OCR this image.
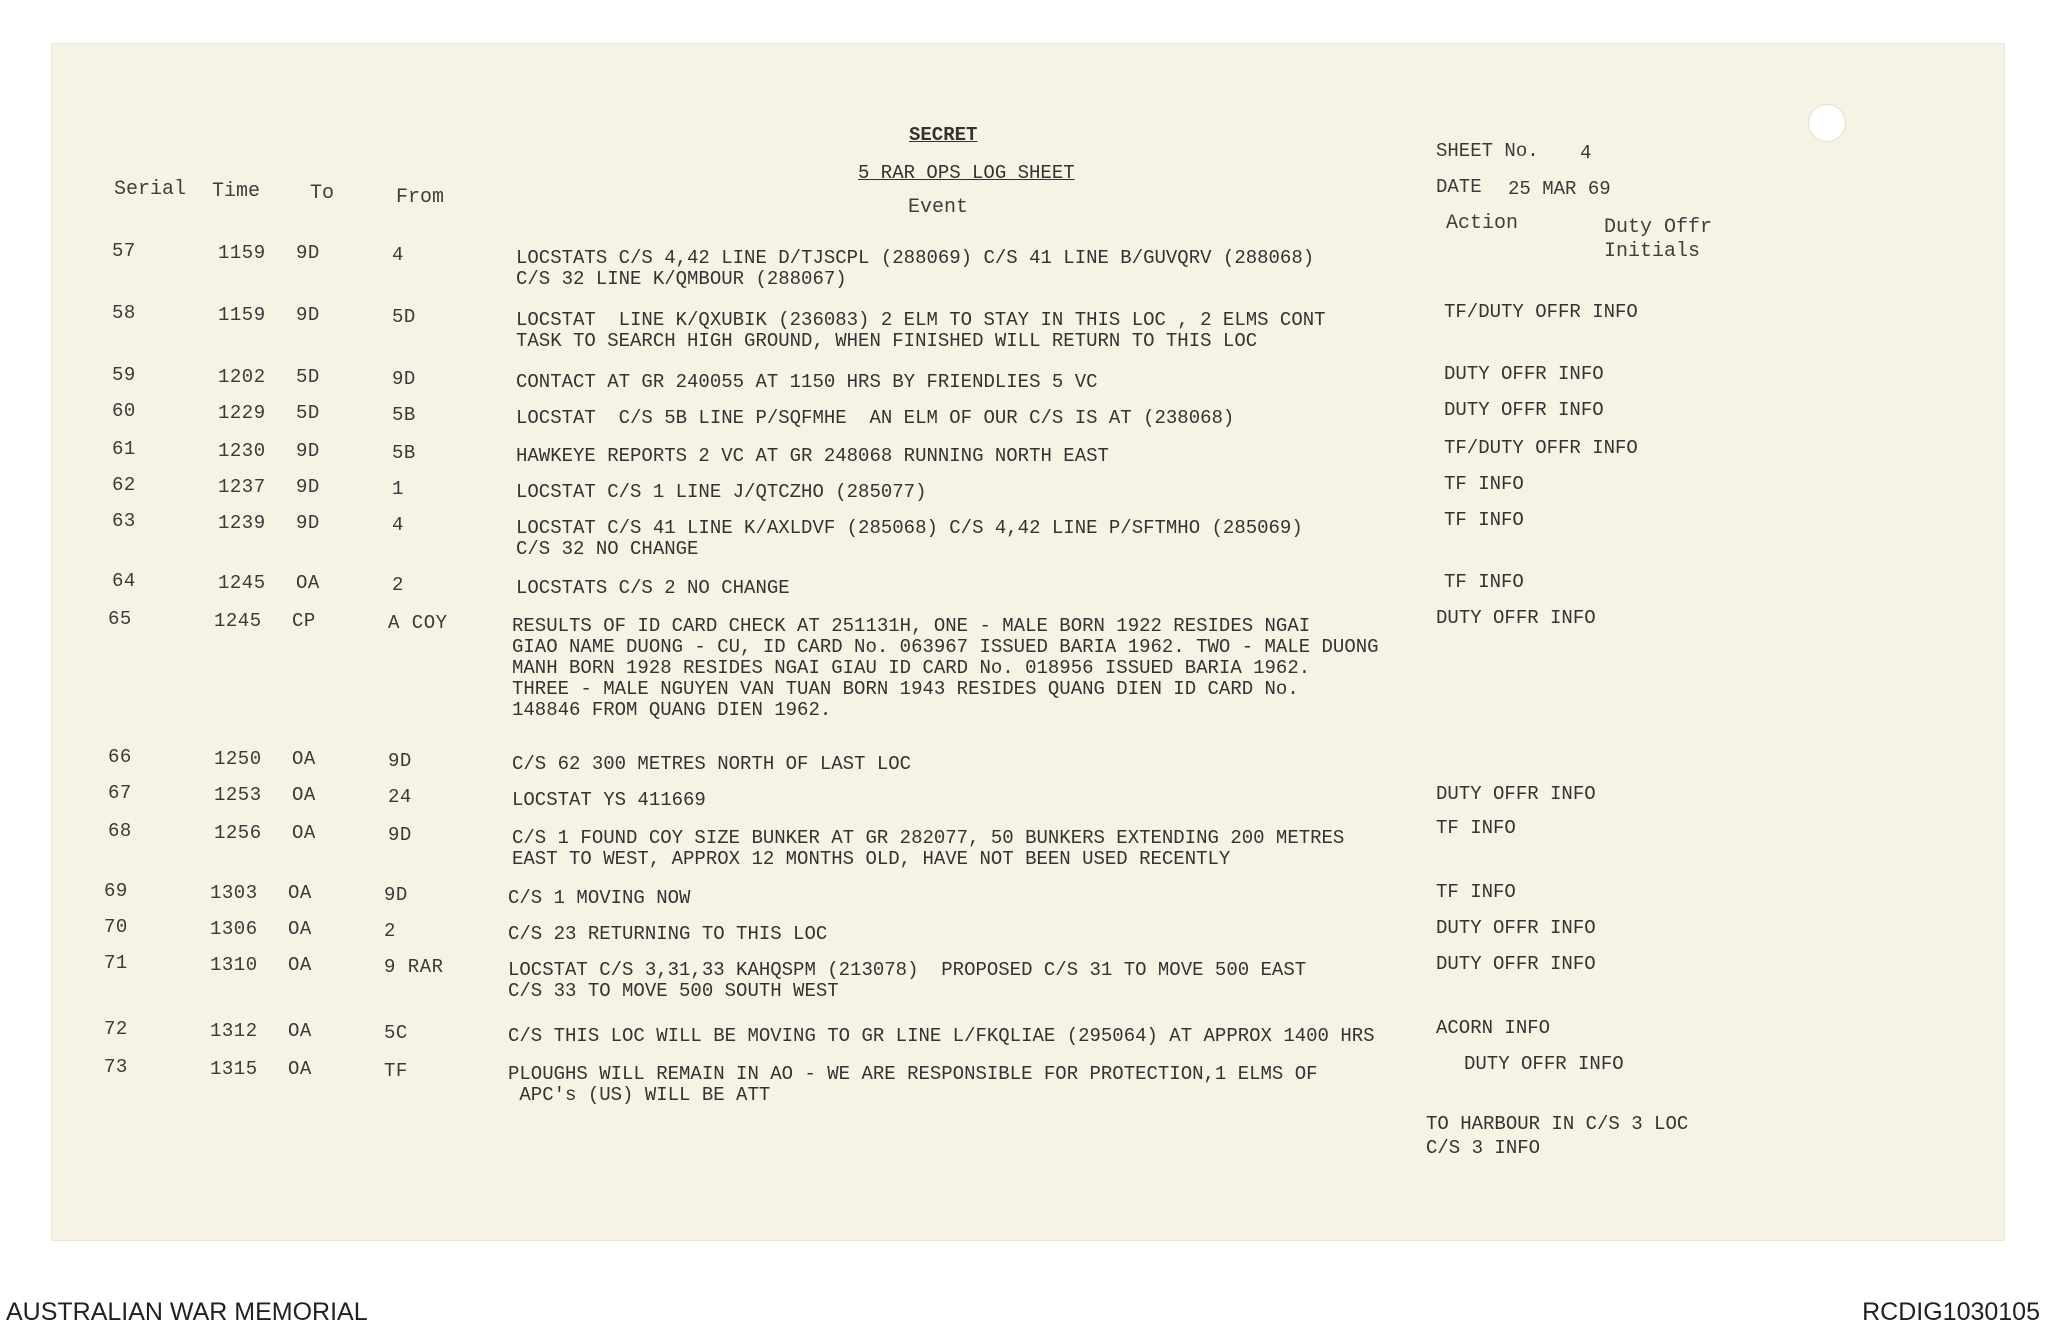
SECRET
5 RAR OPS LOG SHEET
SHEET No. 4
DATE 25 MAR 69
Serial Time To	From	Event
Action	Duty Offr
Initials
57	1159 9D	4	LOCSTATS C/S 4,42 LINE D/TJSCPL (288069) C/S 41 LINE B/GUVQRV (288068)
C/S 32 LINE K/QMBOUR (288067)
58	1159 9D	5D	LOCSTAT  LINE K/QXUBIK (236083) 2 ELM TO STAY IN THIS LOC , 2 ELMS CONT
TASK TO SEARCH HIGH GROUND, WHEN FINISHED WILL RETURN TO THIS LOC
TF/DUTY OFFR INFO
59	1202 5D	9D	CONTACT AT GR 240055 AT 1150 HRS BY FRIENDLIES 5 VC	DUTY OFFR INFO
60	1229 5D	5B	LOCSTAT  C/S 5B LINE P/SQFMHE  AN ELM OF OUR C/S IS AT (238068)	DUTY OFFR INFO
61	1230 9D	5B	HAWKEYE REPORTS 2 VC AT GR 248068 RUNNING NORTH EAST	TF/DUTY OFFR INFO
62	1237 9D	1	LOCSTAT C/S 1 LINE J/QTCZHO (285077)	TF INFO
63	1239 9D	4	LOCSTAT C/S 41 LINE K/AXLDVF (285068) C/S 4,42 LINE P/SFTMHO (285069)
C/S 32 NO CHANGE
TF INFO
64	1245 OA	2	LOCSTATS C/S 2 NO CHANGE	TF INFO
65	1245 CP	A COY	RESULTS OF ID CARD CHECK AT 251131H, ONE - MALE BORN 1922 RESIDES NGAI
GIAO NAME DUONG - CU, ID CARD No. 063967 ISSUED BARIA 1962. TWO - MALE DUONG
MANH BORN 1928 RESIDES NGAI GIAU ID CARD No. 018956 ISSUED BARIA 1962.
THREE - MALE NGUYEN VAN TUAN BORN 1943 RESIDES QUANG DIEN ID CARD No.
148846 FROM QUANG DIEN 1962.
DUTY OFFR INFO
66	1250 OA	9D	C/S 62 300 METRES NORTH OF LAST LOC
67	1253 OA	24	LOCSTAT YS 411669	DUTY OFFR INFO
68	1256 OA	9D	C/S 1 FOUND COY SIZE BUNKER AT GR 282077, 50 BUNKERS EXTENDING 200 METRES
EAST TO WEST, APPROX 12 MONTHS OLD, HAVE NOT BEEN USED RECENTLY
TF INFO
69	1303 OA	9D	C/S 1 MOVING NOW	TF INFO
70	1306 OA	2	C/S 23 RETURNING TO THIS LOC	DUTY OFFR INFO
71	1310 OA	9 RAR	LOCSTAT C/S 3,31,33 KAHQSPM (213078)  PROPOSED C/S 31 TO MOVE 500 EAST
C/S 33 TO MOVE 500 SOUTH WEST
DUTY OFFR INFO
72	1312 OA	5C	C/S THIS LOC WILL BE MOVING TO GR LINE L/FKQLIAE (295064) AT APPROX 1400 HRS	ACORN INFO
73	1315 OA	TF	PLOUGHS WILL REMAIN IN AO - WE ARE RESPONSIBLE FOR PROTECTION,1 ELMS OF
APC's (US) WILL BE ATT
DUTY OFFR INFO
TO HARBOUR IN C/S 3 LOC
C/S 3 INFO
AUSTRALIAN WAR MEMORIAL	RCDIG1030105
